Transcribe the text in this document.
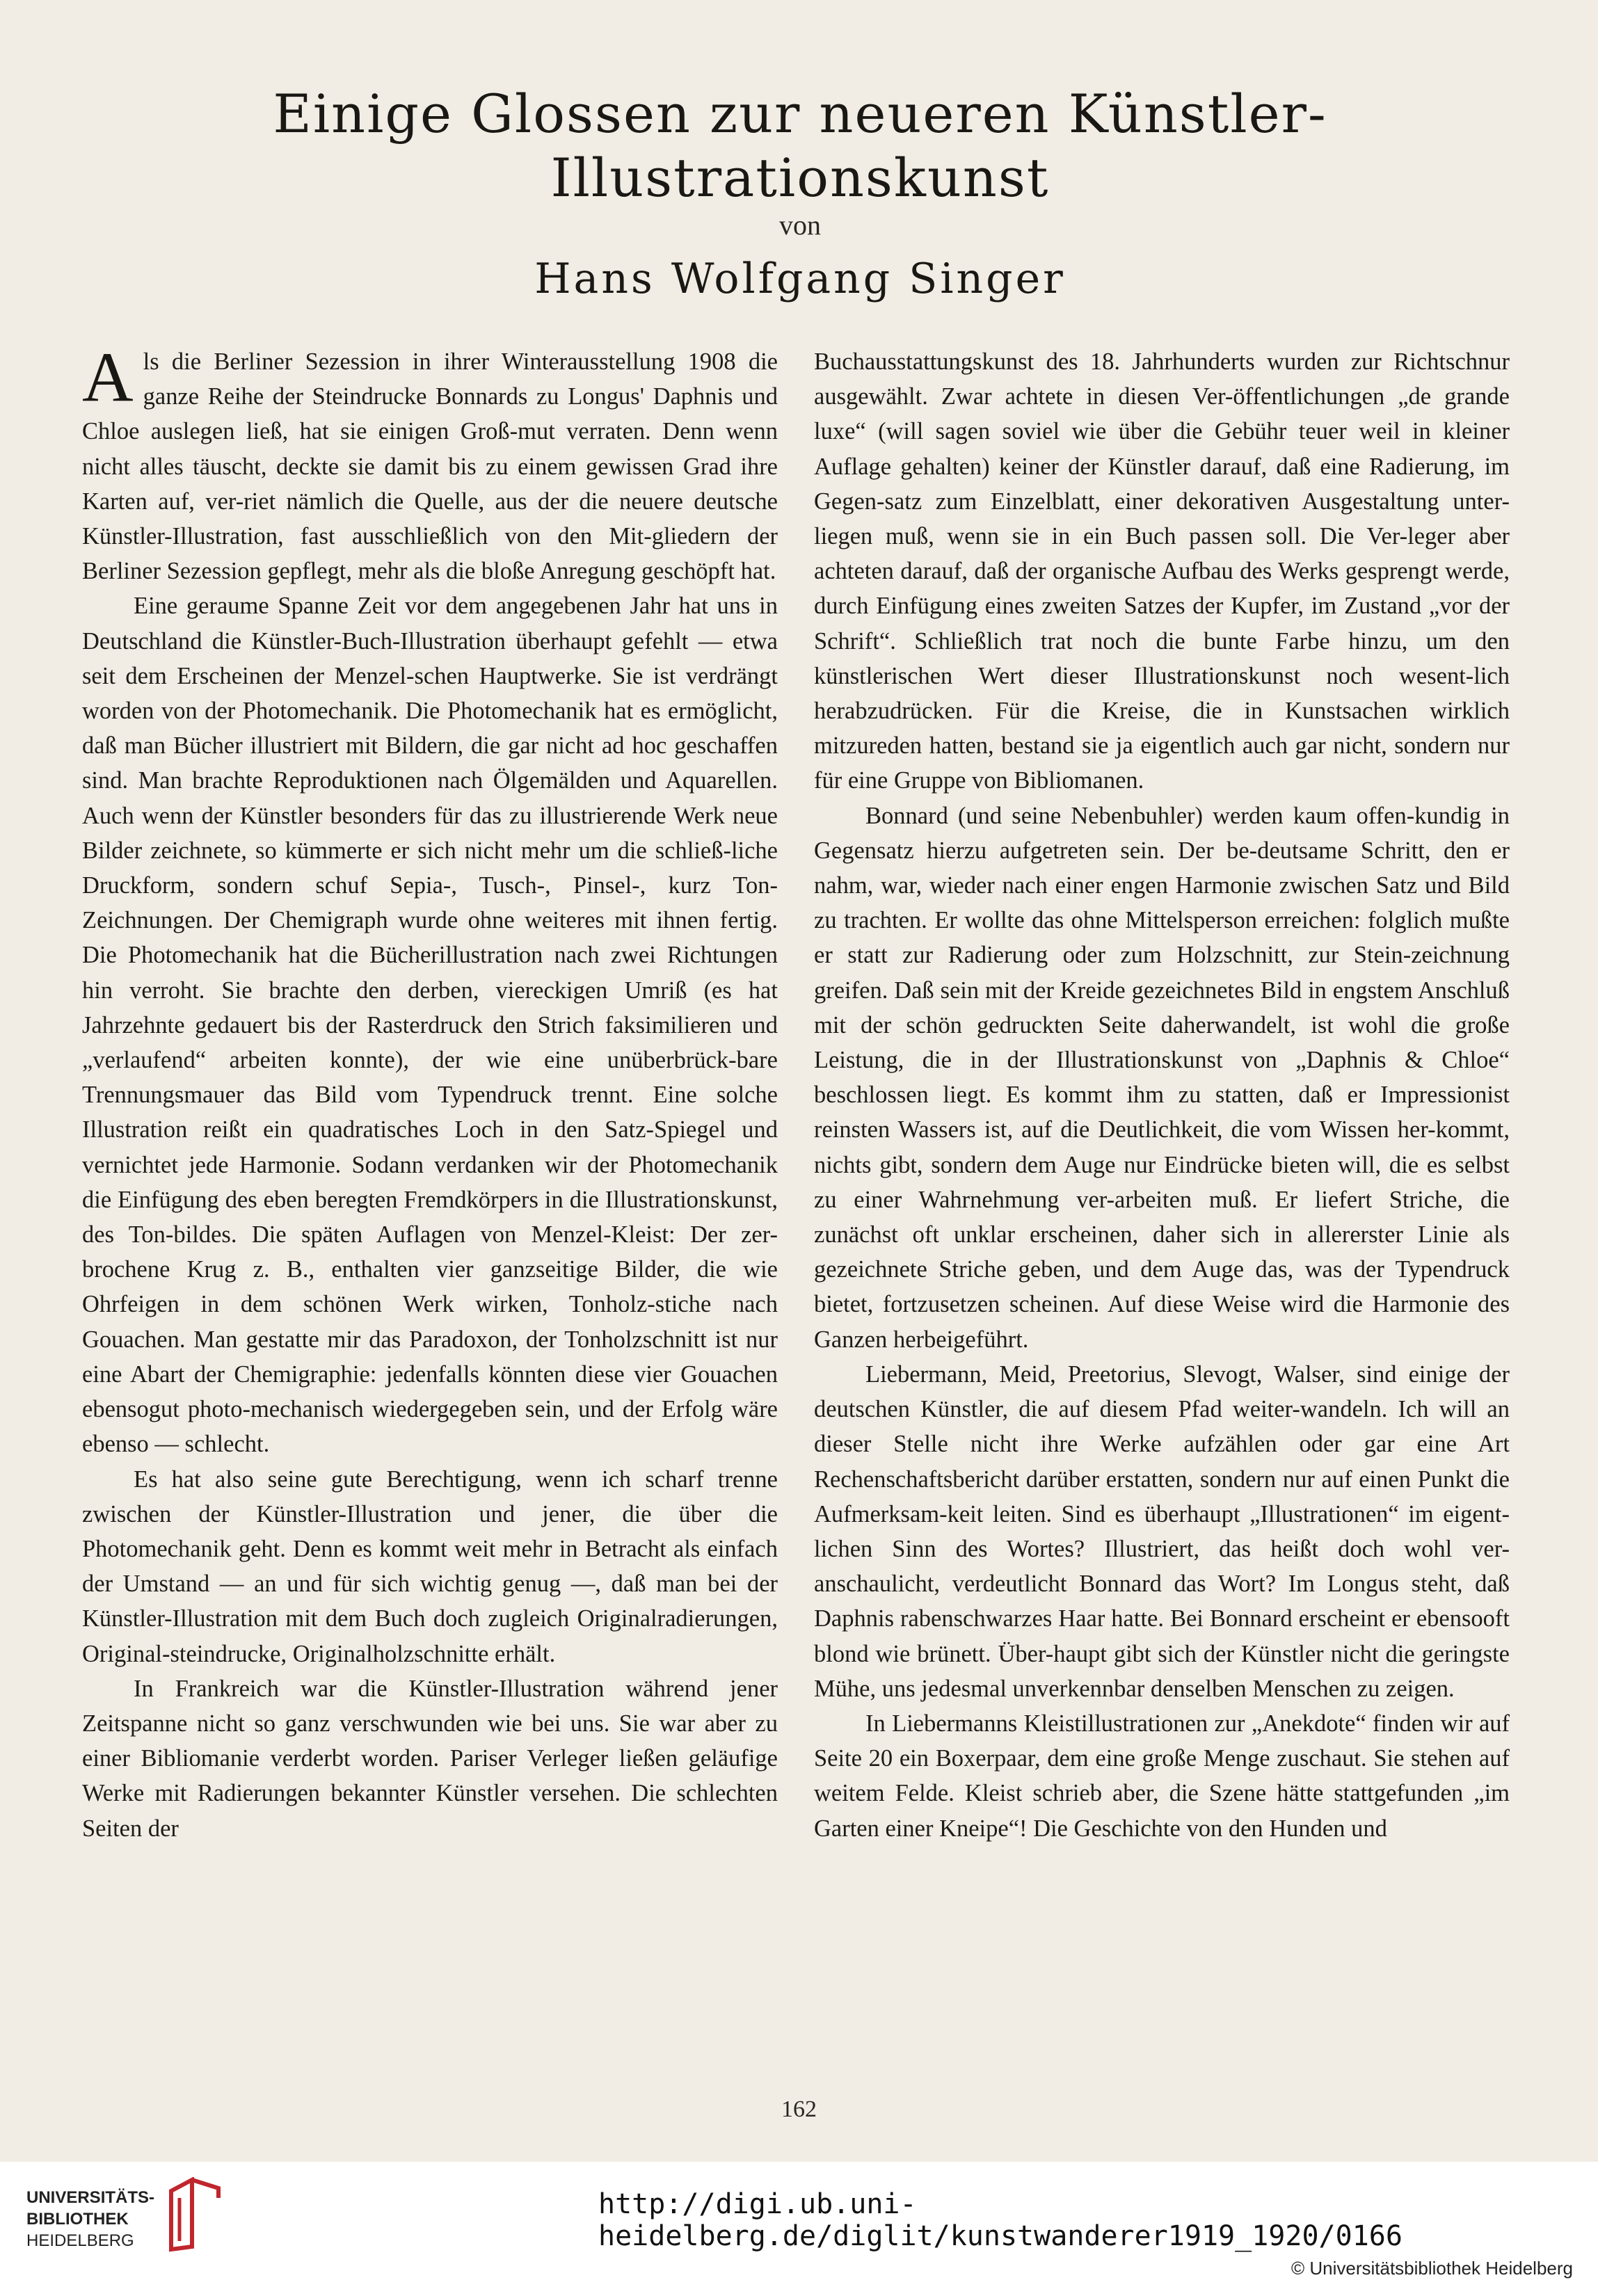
Einige Glossen zur neueren Künstler-
Illustrationskunst
von
Hans Wolfgang Singer

Als die Berliner Sezession in ihrer Winterausstellung 1908 die ganze Reihe der Steindrucke Bonnards zu Longus' Daphnis und Chloe auslegen ließ, hat sie einigen Groß-mut verraten. Denn wenn nicht alles täuscht, deckte sie damit bis zu einem gewissen Grad ihre Karten auf, ver-riet nämlich die Quelle, aus der die neuere deutsche Künstler-Illustration, fast ausschließlich von den Mit-gliedern der Berliner Sezession gepflegt, mehr als die bloße Anregung geschöpft hat.

Eine geraume Spanne Zeit vor dem angegebenen Jahr hat uns in Deutschland die Künstler-Buch-Illustration überhaupt gefehlt — etwa seit dem Erscheinen der Menzel-schen Hauptwerke. Sie ist verdrängt worden von der Photomechanik. Die Photomechanik hat es ermöglicht, daß man Bücher illustriert mit Bildern, die gar nicht ad hoc geschaffen sind. Man brachte Reproduktionen nach Ölgemälden und Aquarellen. Auch wenn der Künstler besonders für das zu illustrierende Werk neue Bilder zeichnete, so kümmerte er sich nicht mehr um die schließ-liche Druckform, sondern schuf Sepia-, Tusch-, Pinsel-, kurz Ton-Zeichnungen. Der Chemigraph wurde ohne weiteres mit ihnen fertig. Die Photomechanik hat die Bücherillustration nach zwei Richtungen hin verroht. Sie brachte den derben, viereckigen Umriß (es hat Jahrzehnte gedauert bis der Rasterdruck den Strich faksimilieren und „verlaufend“ arbeiten konnte), der wie eine unüberbrück-bare Trennungsmauer das Bild vom Typendruck trennt. Eine solche Illustration reißt ein quadratisches Loch in den Satz-Spiegel und vernichtet jede Harmonie. Sodann verdanken wir der Photomechanik die Einfügung des eben beregten Fremdkörpers in die Illustrationskunst, des Ton-bildes. Die späten Auflagen von Menzel-Kleist: Der zer-brochene Krug z. B., enthalten vier ganzseitige Bilder, die wie Ohrfeigen in dem schönen Werk wirken, Tonholz-stiche nach Gouachen. Man gestatte mir das Paradoxon, der Tonholzschnitt ist nur eine Abart der Chemigraphie: jedenfalls könnten diese vier Gouachen ebensogut photo-mechanisch wiedergegeben sein, und der Erfolg wäre ebenso — schlecht.

Es hat also seine gute Berechtigung, wenn ich scharf trenne zwischen der Künstler-Illustration und jener, die über die Photomechanik geht. Denn es kommt weit mehr in Betracht als einfach der Umstand — an und für sich wichtig genug —, daß man bei der Künstler-Illustration mit dem Buch doch zugleich Originalradierungen, Original-steindrucke, Originalholzschnitte erhält.

In Frankreich war die Künstler-Illustration während jener Zeitspanne nicht so ganz verschwunden wie bei uns. Sie war aber zu einer Bibliomanie verderbt worden. Pariser Verleger ließen geläufige Werke mit Radierungen bekannter Künstler versehen. Die schlechten Seiten der

Buchausstattungskunst des 18. Jahrhunderts wurden zur Richtschnur ausgewählt. Zwar achtete in diesen Ver-öffentlichungen „de grande luxe“ (will sagen soviel wie über die Gebühr teuer weil in kleiner Auflage gehalten) keiner der Künstler darauf, daß eine Radierung, im Gegen-satz zum Einzelblatt, einer dekorativen Ausgestaltung unter-liegen muß, wenn sie in ein Buch passen soll. Die Ver-leger aber achteten darauf, daß der organische Aufbau des Werks gesprengt werde, durch Einfügung eines zweiten Satzes der Kupfer, im Zustand „vor der Schrift“. Schließlich trat noch die bunte Farbe hinzu, um den künstlerischen Wert dieser Illustrationskunst noch wesent-lich herabzudrücken. Für die Kreise, die in Kunstsachen wirklich mitzureden hatten, bestand sie ja eigentlich auch gar nicht, sondern nur für eine Gruppe von Bibliomanen.

Bonnard (und seine Nebenbuhler) werden kaum offen-kundig in Gegensatz hierzu aufgetreten sein. Der be-deutsame Schritt, den er nahm, war, wieder nach einer engen Harmonie zwischen Satz und Bild zu trachten. Er wollte das ohne Mittelsperson erreichen: folglich mußte er statt zur Radierung oder zum Holzschnitt, zur Stein-zeichnung greifen. Daß sein mit der Kreide gezeichnetes Bild in engstem Anschluß mit der schön gedruckten Seite daherwandelt, ist wohl die große Leistung, die in der Illustrationskunst von „Daphnis & Chloe“ beschlossen liegt. Es kommt ihm zu statten, daß er Impressionist reinsten Wassers ist, auf die Deutlichkeit, die vom Wissen her-kommt, nichts gibt, sondern dem Auge nur Eindrücke bieten will, die es selbst zu einer Wahrnehmung ver-arbeiten muß. Er liefert Striche, die zunächst oft unklar erscheinen, daher sich in allererster Linie als gezeichnete Striche geben, und dem Auge das, was der Typendruck bietet, fortzusetzen scheinen. Auf diese Weise wird die Harmonie des Ganzen herbeigeführt.

Liebermann, Meid, Preetorius, Slevogt, Walser, sind einige der deutschen Künstler, die auf diesem Pfad weiter-wandeln. Ich will an dieser Stelle nicht ihre Werke aufzählen oder gar eine Art Rechenschaftsbericht darüber erstatten, sondern nur auf einen Punkt die Aufmerksam-keit leiten. Sind es überhaupt „Illustrationen“ im eigent-lichen Sinn des Wortes? Illustriert, das heißt doch wohl ver-anschaulicht, verdeutlicht Bonnard das Wort? Im Longus steht, daß Daphnis rabenschwarzes Haar hatte. Bei Bonnard erscheint er ebensooft blond wie brünett. Über-haupt gibt sich der Künstler nicht die geringste Mühe, uns jedesmal unverkennbar denselben Menschen zu zeigen.

In Liebermanns Kleistillustrationen zur „Anekdote“ finden wir auf Seite 20 ein Boxerpaar, dem eine große Menge zuschaut. Sie stehen auf weitem Felde. Kleist schrieb aber, die Szene hätte stattgefunden „im Garten einer Kneipe“! Die Geschichte von den Hunden und

162
UNIVERSITÄTS-
BIBLIOTHEK
HEIDELBERG
http://digi.ub.uni-heidelberg.de/diglit/kunstwanderer1919_1920/0166
© Universitätsbibliothek Heidelberg
